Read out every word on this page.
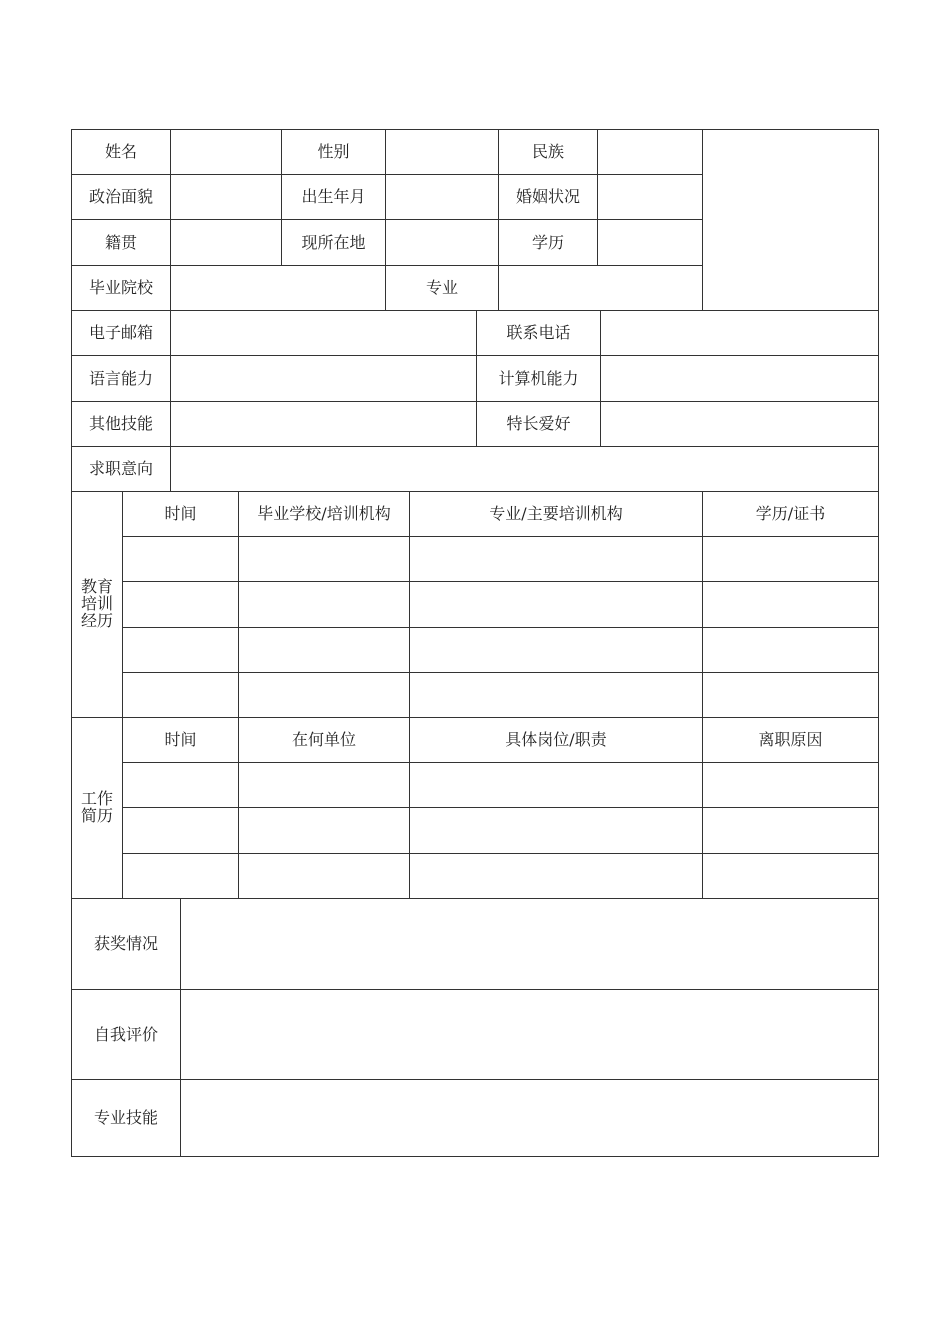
姓名	性别	民族
政治面貌	出生年月	婚姻状况
籍贯	现所在地	学历
毕业院校	专业
电子邮箱	联系电话
语言能力	计算机能力
其他技能	特长爱好
求职意向
教育
培训
经历
时间	毕业学校/培训机构	专业/主要培训机构	学历/证书
工作
简历
时间	在何单位	具体岗位/职责	离职原因
获奖情况
自我评价
专业技能
